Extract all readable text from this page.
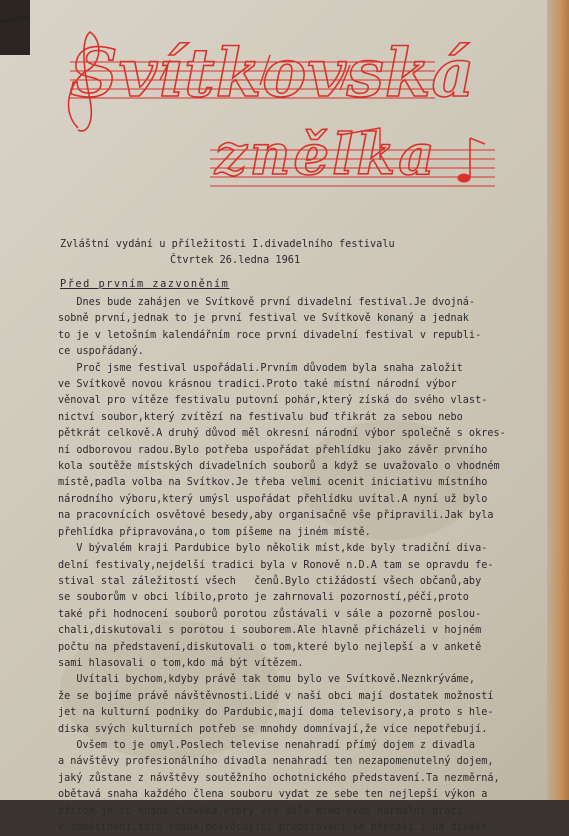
Svítkovská
znělka
Zvláštní vydání u příležitosti I.divadelního festivalu
Čtvrtek 26.ledna 1961
Před prvním zazvoněním
Dnes bude zahájen ve Svítkově první divadelní festival.Je dvojná-
sobně první,jednak to je první festival ve Svítkově konaný a jednak
to je v letošním kalendářním roce první divadelní festival v republi-
ce uspořádaný.
Proč jsme festival uspořádali.Prvním důvodem byla snaha založit
ve Svítkově novou krásnou tradici.Proto také místní národní výbor
věnoval pro vítěze festivalu putovní pohár,který získá do svého vlast-
nictví soubor,který zvítězí na festivalu buď třikrát za sebou nebo
pětkrát celkově.A druhý důvod měl okresní národní výbor společně s okres-
ní odborovou radou.Bylo potřeba uspořádat přehlídku jako závěr prvního
kola soutěže místských divadelních souborů a když se uvažovalo o vhodném
místě,padla volba na Svítkov.Je třeba velmi ocenit iniciativu místního
národního výboru,který umýsl uspořádat přehlídku uvítal.A nyní už bylo
na pracovnících osvětové besedy,aby organisačně vše připravili.Jak byla
přehlídka připravována,o tom píšeme na jiném místě.
V bývalém kraji Pardubice bylo několik míst,kde byly tradiční diva-
delní festivaly,nejdelší tradici byla v Ronově n.D.A tam se opravdu fe-
stival stal záležitostí všech   čenů.Bylo ctižádostí všech občanů,aby
se souborům v obci líbilo,proto je zahrnovali pozorností,péčí,proto
také při hodnocení souborů porotou zůstávali v sále a pozorně poslou-
chali,diskutovali s porotou i souborem.Ale hlavně přicházeli v hojném
počtu na představení,diskutovali o tom,které bylo nejlepší a v anketě
sami hlasovali o tom,kdo má být vítězem.
Uvítali bychom,kdyby právě tak tomu bylo ve Svítkově.Neznkrýváme,
že se bojíme právě návštěvnosti.Lidé v naší obci mají dostatek možností
jet na kulturní podniky do Pardubic,mají doma televisory,a proto s hle-
diska svých kulturních potřeb se mnohdy domnívají,že více nepotřebují.
Ovšem to je omyl.Poslech televise nenahradí přímý dojem z divadla
a návštěvy profesionálního divadla nenahradí ten nezapomenutelný dojem,
jaký zůstane z návštěvy soutěžního ochotnického představení.Ta nezměrná,
obětavá snaha každého člena souboru vydat ze sebe ten nejlepší výkon a
přitom je to snaha člověka,který vše dělá mimo svou normální práci
v zaměstnání,tato snaha,posvěcující představení se přenáší i na diváke
